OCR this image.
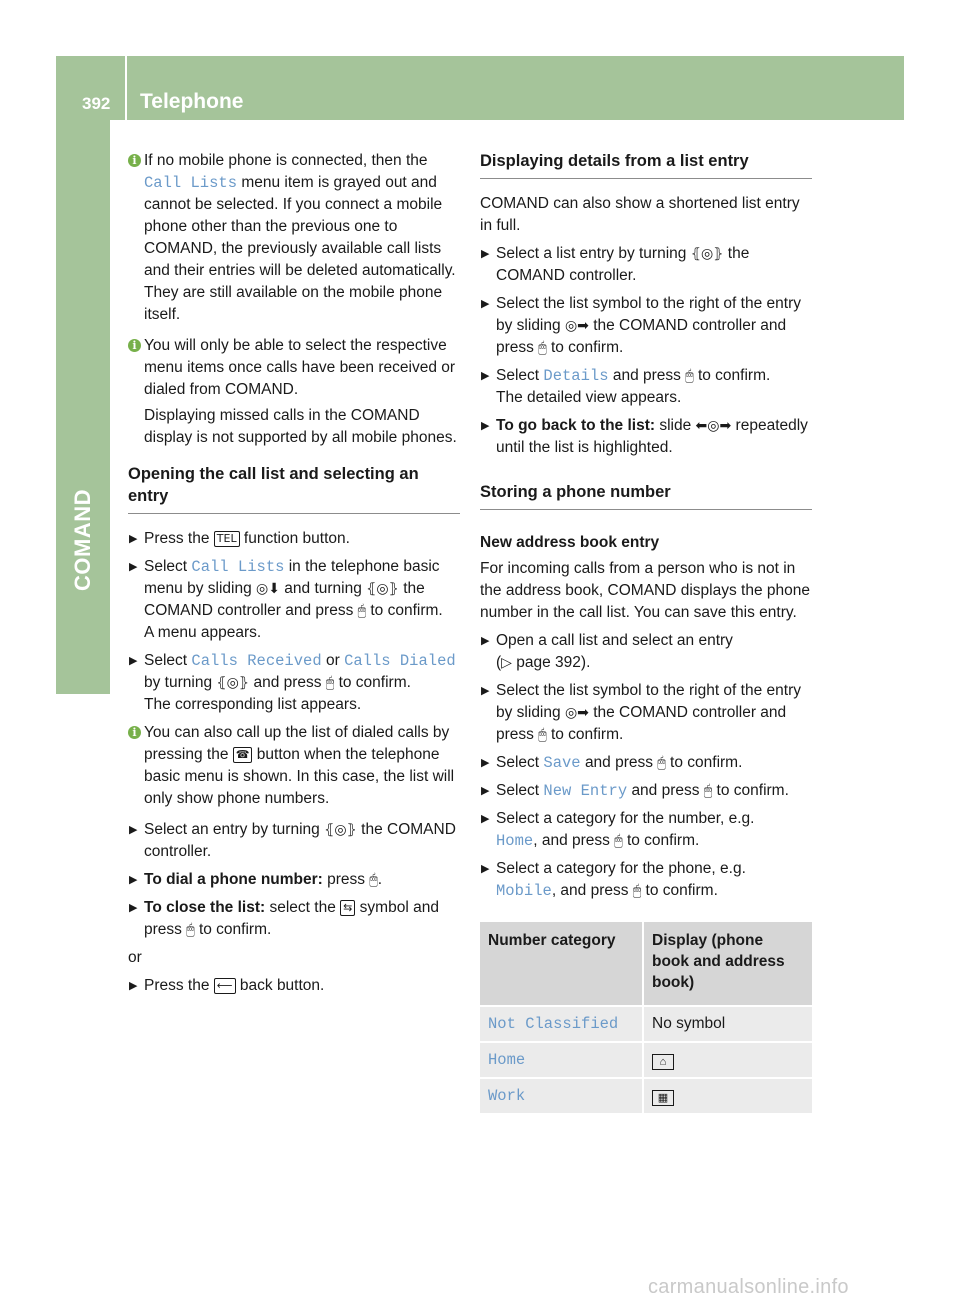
392 Telephone
COMAND
i If no mobile phone is connected, then the Call Lists menu item is grayed out and cannot be selected. If you connect a mobile phone other than the previous one to COMAND, the previously available call lists and their entries will be deleted automatically. They are still available on the mobile phone itself.

i You will only be able to select the respective menu items once calls have been received or dialed from COMAND.

Displaying missed calls in the COMAND display is not supported by all mobile phones.

Opening the call list and selecting an entry
▶ Press the TEL function button.

▶ Select Call Lists in the telephone basic menu by sliding ◎⬇ and turning ⦃◎⦄ the COMAND controller and press 🖱 to confirm.
A menu appears.

▶ Select Calls Received or Calls Dialed by turning ⦃◎⦄ and press 🖱 to confirm.
The corresponding list appears.

i You can also call up the list of dialed calls by pressing the ☎ button when the telephone basic menu is shown. In this case, the list will only show phone numbers.

▶ Select an entry by turning ⦃◎⦄ the COMAND controller.

▶ To dial a phone number: press 🖱.

▶ To close the list: select the ⇆ symbol and press 🖱 to confirm.

or

▶ Press the ⟵ back button.

Displaying details from a list entry

COMAND can also show a shortened list entry in full.

▶ Select a list entry by turning ⦃◎⦄ the COMAND controller.

▶ Select the list symbol to the right of the entry by sliding ◎➡ the COMAND controller and press 🖱 to confirm.

▶ Select Details and press 🖱 to confirm.
The detailed view appears.

▶ To go back to the list: slide ⬅◎➡ repeatedly until the list is highlighted.

Storing a phone number

New address book entry

For incoming calls from a person who is not in the address book, COMAND displays the phone number in the call list. You can save this entry.

▶ Open a call list and select an entry
(▷ page 392).

▶ Select the list symbol to the right of the entry by sliding ◎➡ the COMAND controller and press 🖱 to confirm.

▶ Select Save and press 🖱 to confirm.

▶ Select New Entry and press 🖱 to confirm.

▶ Select a category for the number, e.g.
Home, and press 🖱 to confirm.

▶ Select a category for the phone, e.g.
Mobile, and press 🖱 to confirm.

Number category	Display (phone book and address book)
Not Classified	No symbol
Home	⌂
Work	▦
carmanualsonline.info
